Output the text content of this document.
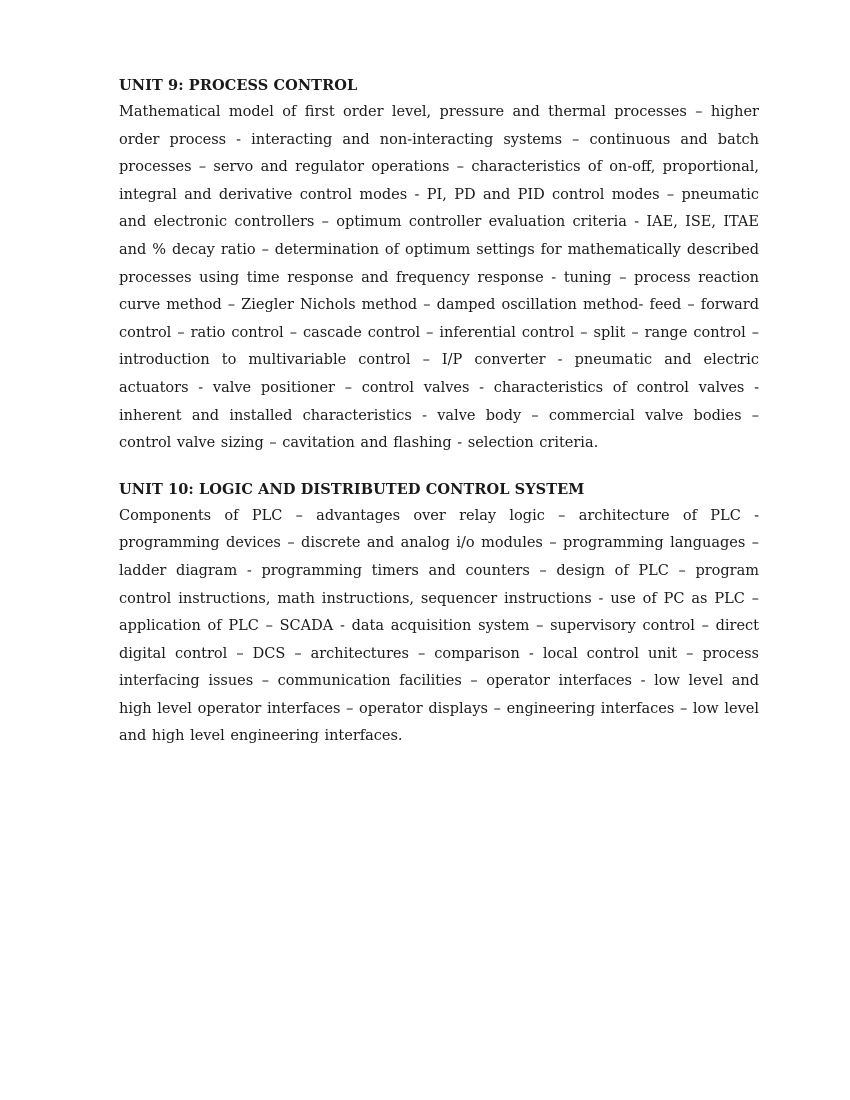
UNIT 9: PROCESS CONTROL

Mathematical model of first order level, pressure and thermal processes – higher order process - interacting and non-interacting systems – continuous and batch processes – servo and regulator operations – characteristics of on-off, proportional, integral and derivative control modes - PI, PD and PID control modes – pneumatic and electronic controllers – optimum controller evaluation criteria - IAE, ISE, ITAE and % decay ratio – determination of optimum settings for mathematically described processes using time response and frequency response - tuning – process reaction curve method – Ziegler Nichols method – damped oscillation method- feed – forward control – ratio control – cascade control – inferential control – split – range control –introduction to multivariable control – I/P converter - pneumatic and electric actuators - valve positioner – control valves - characteristics of control valves - inherent and installed characteristics - valve body – commercial valve bodies – control valve sizing – cavitation and flashing - selection criteria.

UNIT 10: LOGIC AND DISTRIBUTED CONTROL SYSTEM

Components of PLC – advantages over relay logic – architecture of PLC - programming devices – discrete and analog i/o modules – programming languages – ladder diagram - programming timers and counters – design of PLC – program control instructions, math instructions, sequencer instructions - use of PC as PLC – application of PLC – SCADA - data acquisition system – supervisory control – direct digital control – DCS – architectures – comparison - local control unit – process interfacing issues – communication facilities – operator interfaces - low level and high level operator interfaces – operator displays – engineering interfaces – low level and high level engineering interfaces.
